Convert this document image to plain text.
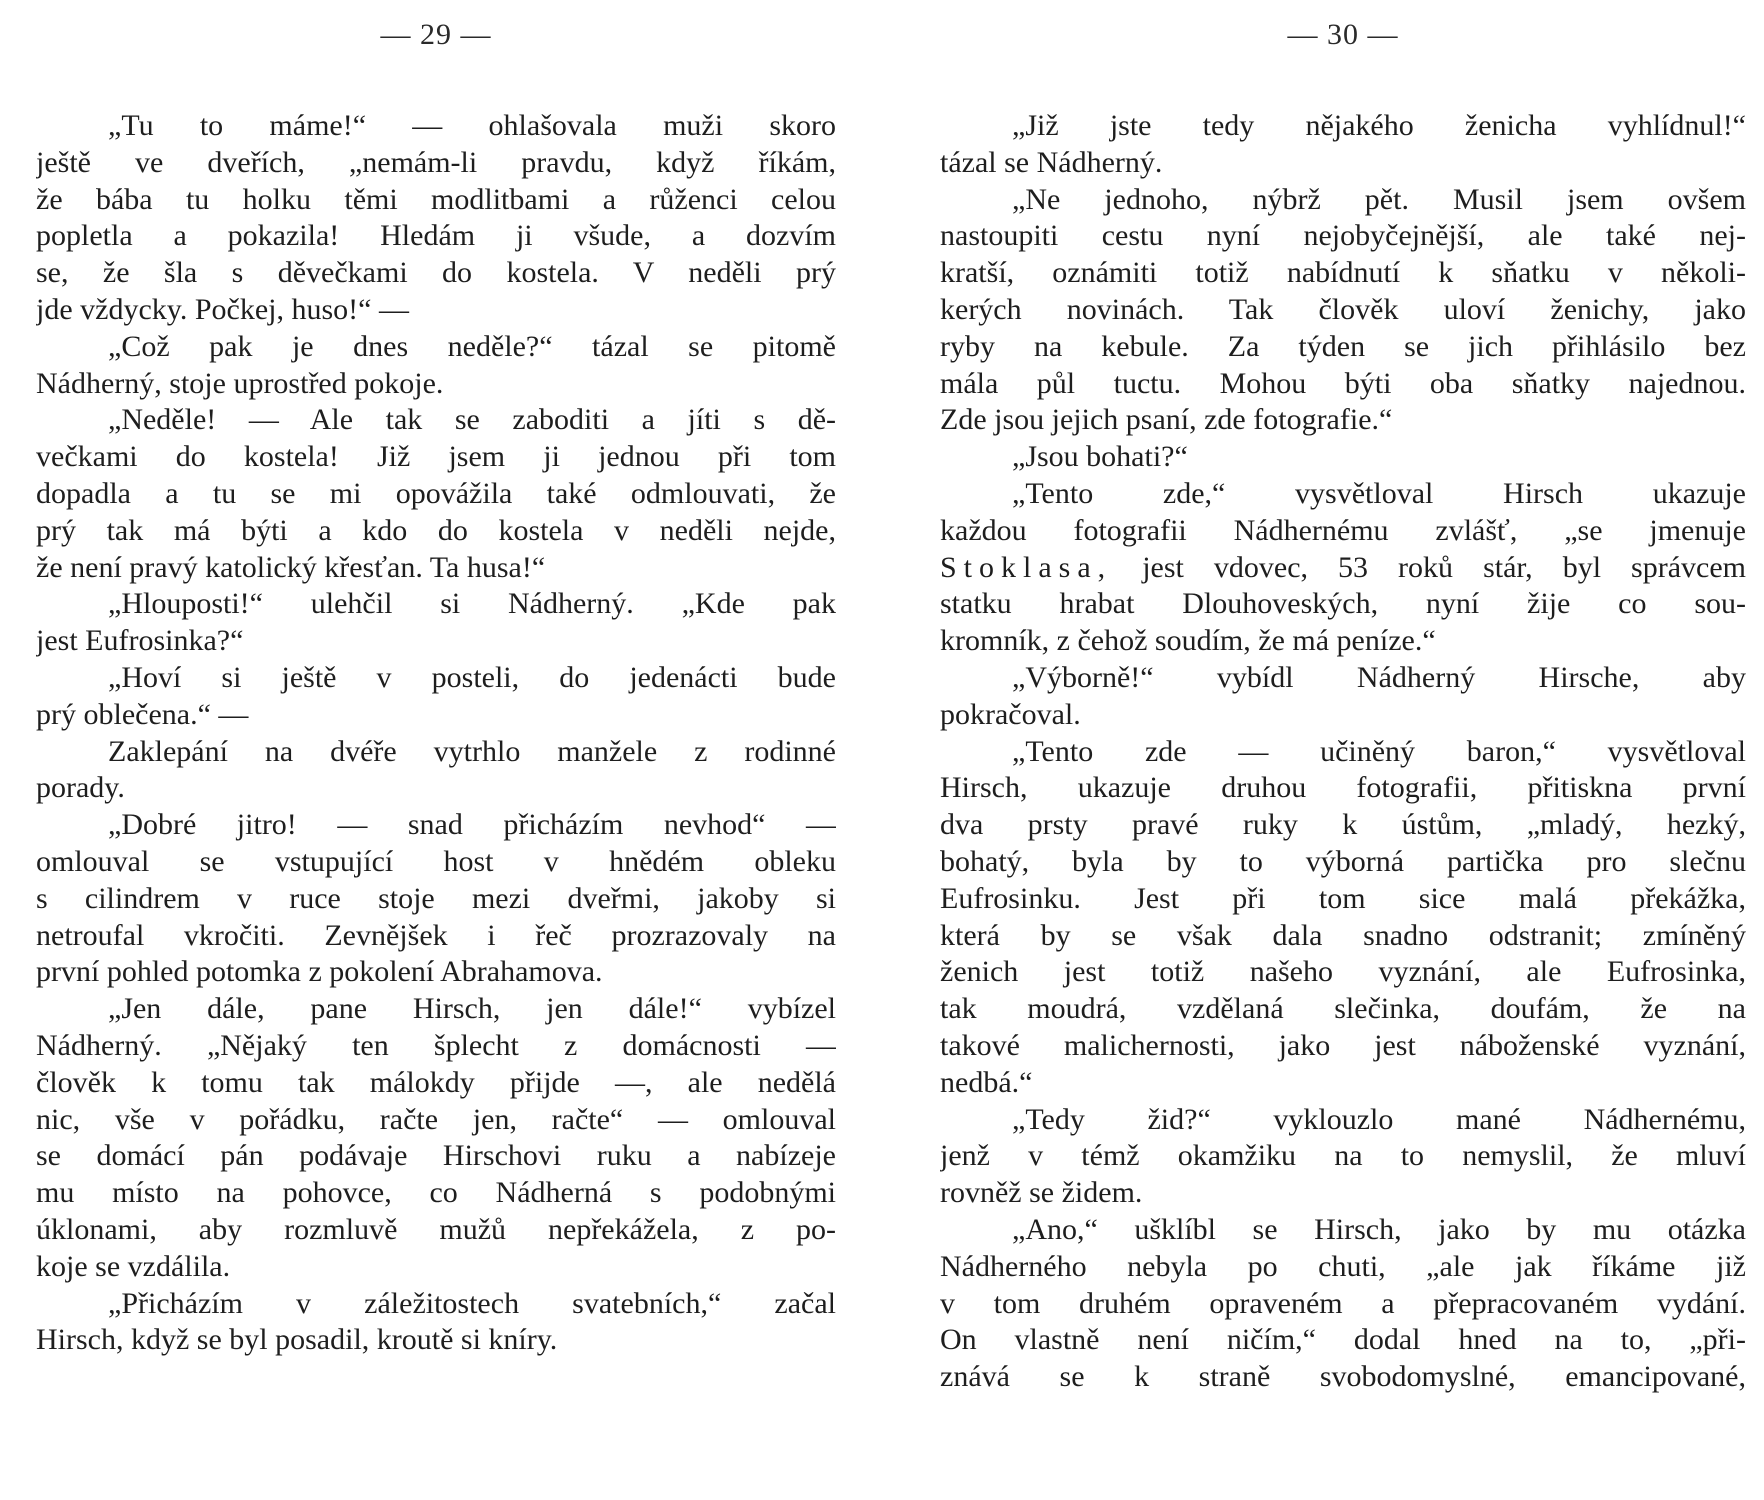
— 29 —
„Tu to máme!“ — ohlašovala muži skoro
ještě ve dveřích, „nemám-li pravdu, když říkám,
že bába tu holku těmi modlitbami a růženci celou
popletla a pokazila! Hledám ji všude, a dozvím
se, že šla s děvečkami do kostela. V neděli prý
jde vždycky. Počkej, huso!“ —
„Což pak je dnes neděle?“ tázal se pitomě
Nádherný, stoje uprostřed pokoje.
„Neděle! — Ale tak se zaboditi a jíti s dě-
večkami do kostela! Již jsem ji jednou při tom
dopadla a tu se mi opovážila také odmlouvati, že
prý tak má býti a kdo do kostela v neděli nejde,
že není pravý katolický křesťan. Ta husa!“
„Hlouposti!“ ulehčil si Nádherný. „Kde pak
jest Eufrosinka?“
„Hoví si ještě v posteli, do jedenácti bude
prý oblečena.“ —
Zaklepání na dvéře vytrhlo manžele z rodinné
porady.
„Dobré jitro! — snad přicházím nevhod“ —
omlouval se vstupující host v hnědém obleku
s cilindrem v ruce stoje mezi dveřmi, jakoby si
netroufal vkročiti. Zevnějšek i řeč prozrazovaly na
první pohled potomka z pokolení Abrahamova.
„Jen dále, pane Hirsch, jen dále!“ vybízel
Nádherný. „Nějaký ten šplecht z domácnosti —
člověk k tomu tak málokdy přijde —, ale nedělá
nic, vše v pořádku, račte jen, račte“ — omlouval
se domácí pán podávaje Hirschovi ruku a nabízeje
mu místo na pohovce, co Nádherná s podobnými
úklonami, aby rozmluvě mužů nepřekážela, z po-
koje se vzdálila.
„Přicházím v záležitostech svatebních,“ začal
Hirsch, když se byl posadil, kroutě si kníry.
— 30 —
„Již jste tedy nějakého ženicha vyhlídnul!“
tázal se Nádherný.
„Ne jednoho, nýbrž pět. Musil jsem ovšem
nastoupiti cestu nyní nejobyčejnější, ale také nej-
kratší, oznámiti totiž nabídnutí k sňatku v několi-
kerých novinách. Tak člověk uloví ženichy, jako
ryby na kebule. Za týden se jich přihlásilo bez
mála půl tuctu. Mohou býti oba sňatky najednou.
Zde jsou jejich psaní, zde fotografie.“
„Jsou bohati?“
„Tento zde,“ vysvětloval Hirsch ukazuje
každou fotografii Nádhernému zvlášť, „se jmenuje
Stoklasa, jest vdovec, 53 roků stár, byl správcem
statku hrabat Dlouhoveských, nyní žije co sou-
kromník, z čehož soudím, že má peníze.“
„Výborně!“ vybídl Nádherný Hirsche, aby
pokračoval.
„Tento zde — učiněný baron,“ vysvětloval
Hirsch, ukazuje druhou fotografii, přitiskna první
dva prsty pravé ruky k ústům, „mladý, hezký,
bohatý, byla by to výborná partička pro slečnu
Eufrosinku. Jest při tom sice malá překážka,
která by se však dala snadno odstranit; zmíněný
ženich jest totiž našeho vyznání, ale Eufrosinka,
tak moudrá, vzdělaná slečinka, doufám, že na
takové malichernosti, jako jest náboženské vyznání,
nedbá.“
„Tedy žid?“ vyklouzlo mané Nádhernému,
jenž v témž okamžiku na to nemyslil, že mluví
rovněž se židem.
„Ano,“ ušklíbl se Hirsch, jako by mu otázka
Nádherného nebyla po chuti, „ale jak říkáme již
v tom druhém opraveném a přepracovaném vydání.
On vlastně není ničím,“ dodal hned na to, „při-
znává se k straně svobodomyslné, emancipované,
